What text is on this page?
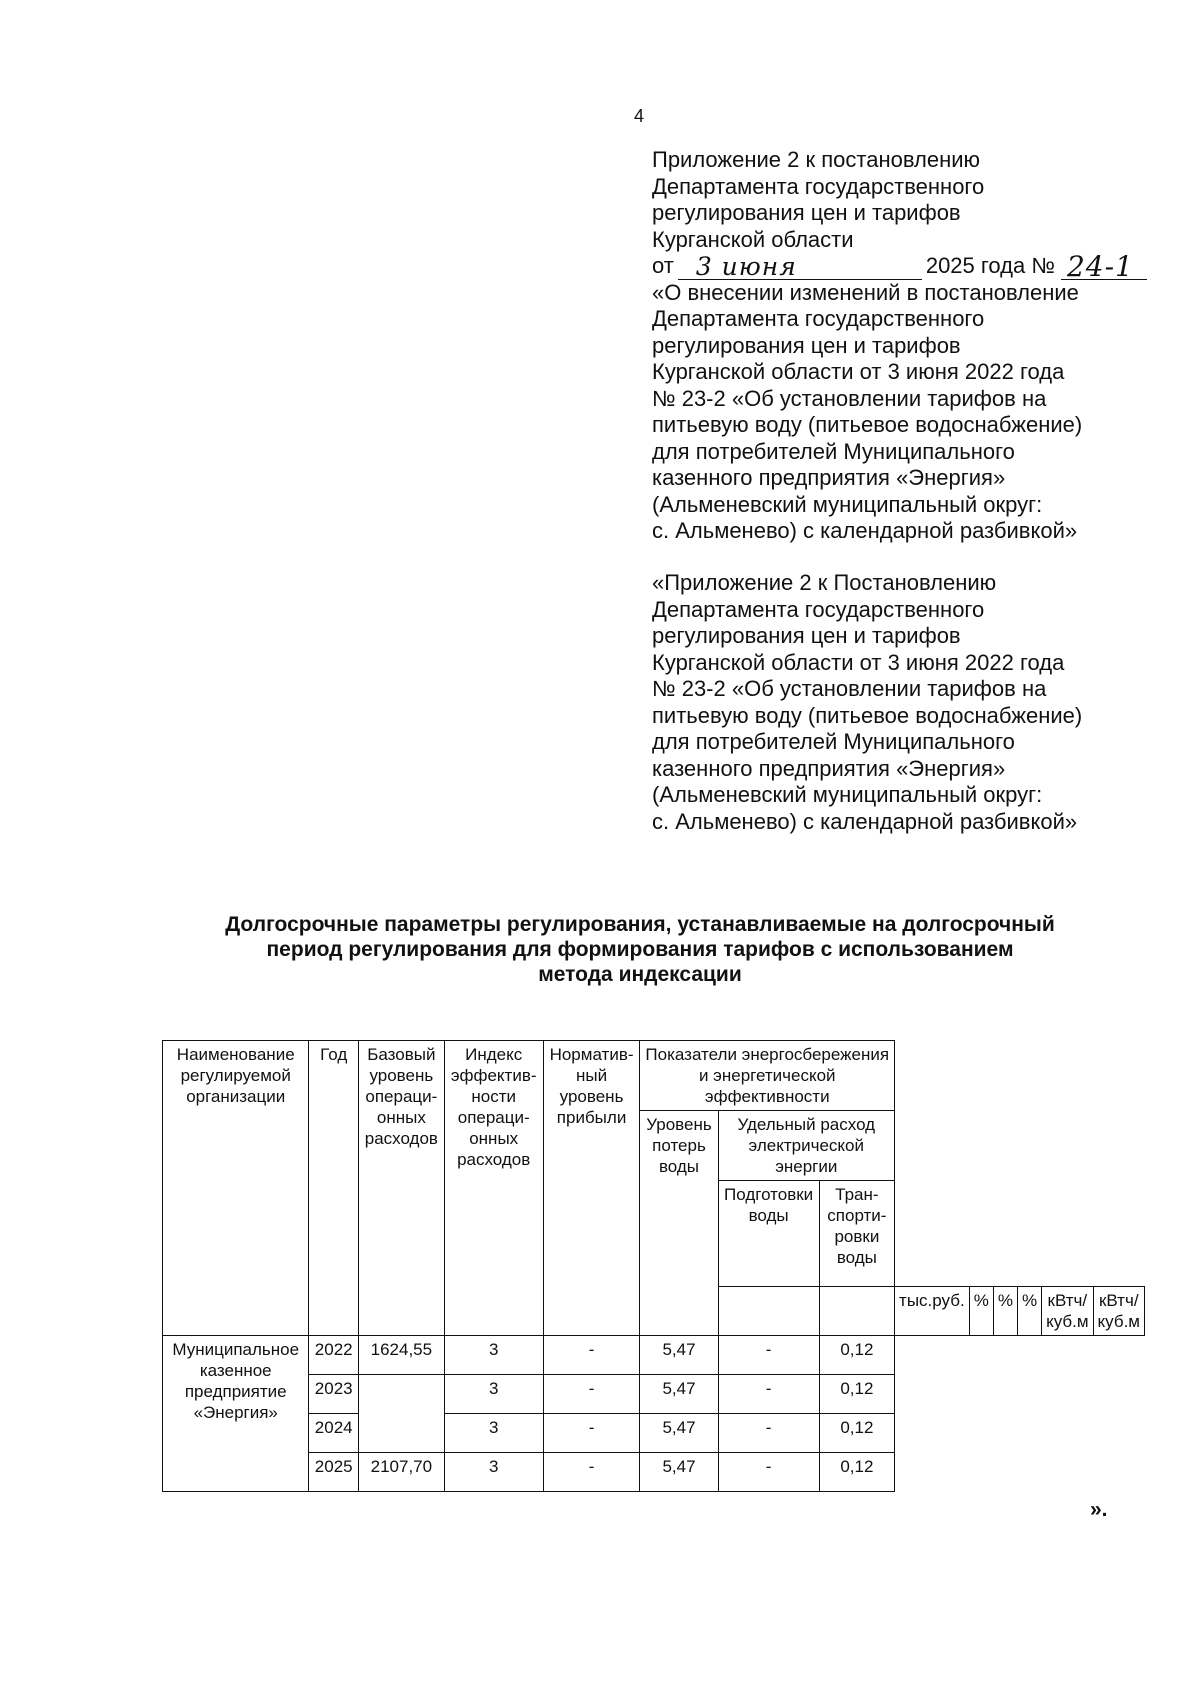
4
Приложение 2 к постановлению
Департамента государственного
регулирования цен и тарифов
Курганской области
от 3 июня	2025 года № 24-1
«О внесении изменений в постановление
Департамента государственного
регулирования цен и тарифов
Курганской области от 3 июня 2022 года
№ 23-2 «Об установлении тарифов на
питьевую воду (питьевое водоснабжение)
для потребителей Муниципального
казенного предприятия «Энергия»
(Альменевский муниципальный округ:
с. Альменево) с календарной разбивкой»
«Приложение 2 к Постановлению
Департамента государственного
регулирования цен и тарифов
Курганской области от 3 июня 2022 года
№ 23-2 «Об установлении тарифов на
питьевую воду (питьевое водоснабжение)
для потребителей Муниципального
казенного предприятия «Энергия»
(Альменевский муниципальный округ:
с. Альменево) с календарной разбивкой»
Долгосрочные параметры регулирования, устанавливаемые на долгосрочный
период регулирования для формирования тарифов с использованием
метода индексации
Наименование регулируемой организации	Год	Базовый уровень операци- онных расходов	Индекс эффектив- ности операци- онных расходов	Норматив- ный уровень прибыли	Показатели энергосбережения и энергетической эффективности								
					Уровень потерь воды	Удельный расход электрической энергии							
						Подготовки воды	Тран- спорти- ровки воды						
								тыс.руб.	%	%	%	кВтч/ куб.м	кВтч/ куб.м
Муниципальное казенное предприятие «Энергия»	2022	1624,55	3	-	5,47	-	0,12						
	2023		3	-	5,47	-	0,12						
	2024		3	-	5,47	-	0,12						
	2025	2107,70	3	-	5,47	-	0,12						
».
